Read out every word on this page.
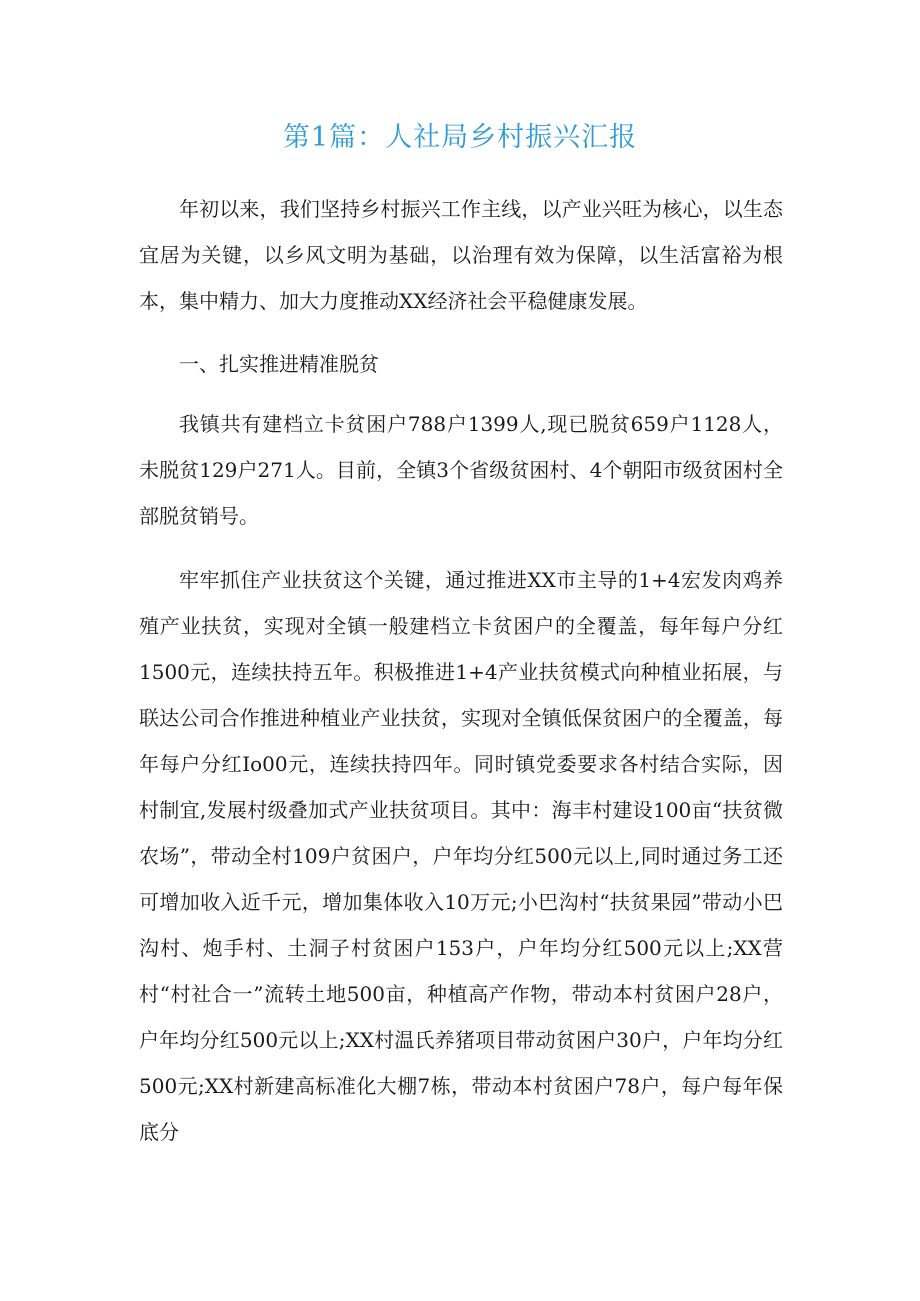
第1篇：人社局乡村振兴汇报

年初以来，我们坚持乡村振兴工作主线，以产业兴旺为核心，以生态宜居为关键，以乡风文明为基础，以治理有效为保障，以生活富裕为根本，集中精力、加大力度推动XX经济社会平稳健康发展。

一、扎实推进精准脱贫

我镇共有建档立卡贫困户788户1399人,现已脱贫659户1128人，未脱贫129户271人。目前，全镇3个省级贫困村、4个朝阳市级贫困村全部脱贫销号。

牢牢抓住产业扶贫这个关键，通过推进XX市主导的1+4宏发肉鸡养殖产业扶贫，实现对全镇一般建档立卡贫困户的全覆盖，每年每户分红1500元，连续扶持五年。积极推进1+4产业扶贫模式向种植业拓展，与联达公司合作推进种植业产业扶贫，实现对全镇低保贫困户的全覆盖，每年每户分红Io00元，连续扶持四年。同时镇党委要求各村结合实际，因村制宜,发展村级叠加式产业扶贫项目。其中：海丰村建设100亩“扶贫微农场”，带动全村109户贫困户，户年均分红500元以上,同时通过务工还可增加收入近千元，增加集体收入10万元;小巴沟村“扶贫果园”带动小巴沟村、炮手村、土洞子村贫困户153户，户年均分红500元以上;XX营村“村社合一”流转土地500亩，种植高产作物，带动本村贫困户28户，户年均分红500元以上;XX村温氏养猪项目带动贫困户30户，户年均分红500元;XX村新建高标准化大棚7栋，带动本村贫困户78户，每户每年保底分
